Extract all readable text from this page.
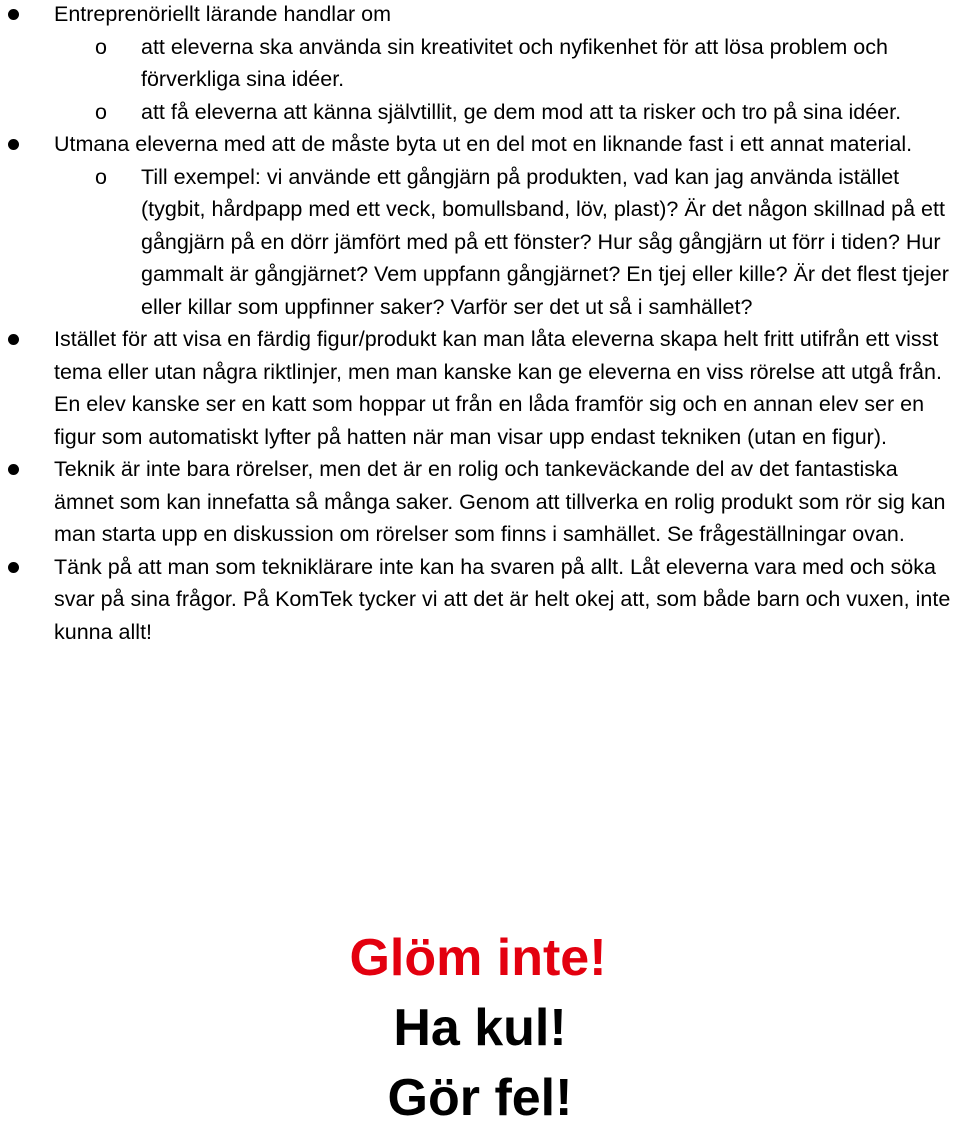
Entreprenöriellt lärande handlar om
o att eleverna ska använda sin kreativitet och nyfikenhet för att lösa problem och förverkliga sina idéer.
o att få eleverna att känna självtillit, ge dem mod att ta risker och tro på sina idéer.
Utmana eleverna med att de måste byta ut en del mot en liknande fast i ett annat material.
o Till exempel: vi använde ett gångjärn på produkten, vad kan jag använda istället (tygbit, hårdpapp med ett veck, bomullsband, löv, plast)? Är det någon skillnad på ett gångjärn på en dörr jämfört med på ett fönster? Hur såg gångjärn ut förr i tiden? Hur gammalt är gångjärnet? Vem uppfann gångjärnet? En tjej eller kille? Är det flest tjejer eller killar som uppfinner saker? Varför ser det ut så i samhället?
Istället för att visa en färdig figur/produkt kan man låta eleverna skapa helt fritt utifrån ett visst tema eller utan några riktlinjer, men man kanske kan ge eleverna en viss rörelse att utgå från. En elev kanske ser en katt som hoppar ut från en låda framför sig och en annan elev ser en figur som automatiskt lyfter på hatten när man visar upp endast tekniken (utan en figur).
Teknik är inte bara rörelser, men det är en rolig och tankeväckande del av det fantastiska ämnet som kan innefatta så många saker. Genom att tillverka en rolig produkt som rör sig kan man starta upp en diskussion om rörelser som finns i samhället. Se frågeställningar ovan.
Tänk på att man som tekniklärare inte kan ha svaren på allt. Låt eleverna vara med och söka svar på sina frågor. På KomTek tycker vi att det är helt okej att, som både barn och vuxen, inte kunna allt!
Glöm inte!
Ha kul!
Gör fel!
